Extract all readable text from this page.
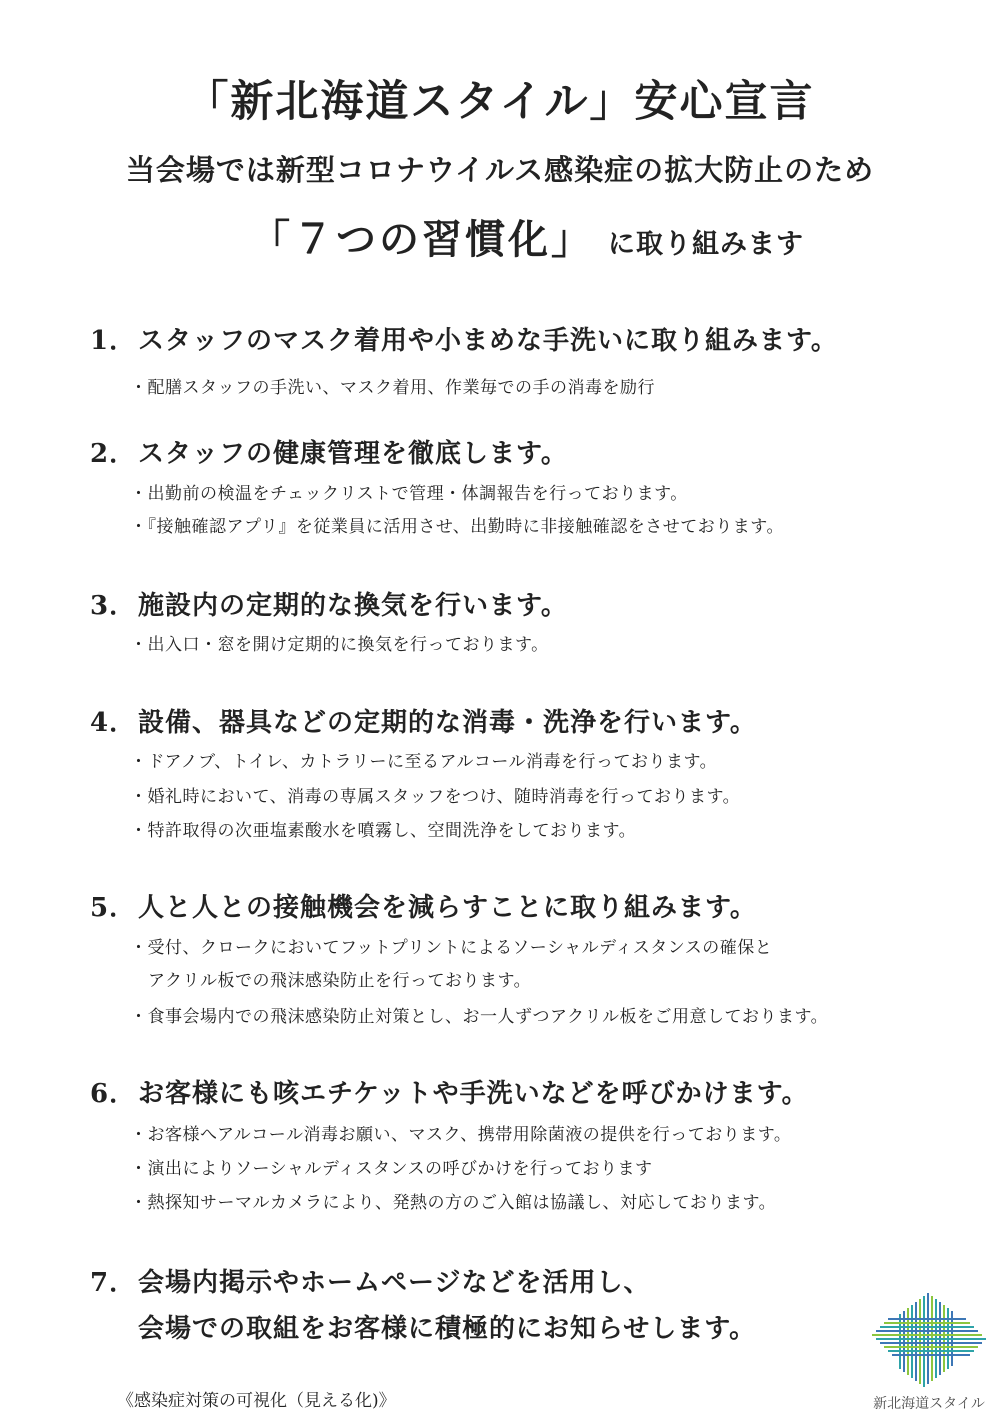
「新北海道スタイル」安心宣言
当会場では新型コロナウイルス感染症の拡大防止のため
「７つの習慣化」 に取り組みます
1．スタッフのマスク着用や小まめな手洗いに取り組みます。
・配膳スタッフの手洗い、マスク着用、作業毎での手の消毒を励行
2．スタッフの健康管理を徹底します。
・出勤前の検温をチェックリストで管理・体調報告を行っております。
・『接触確認アプリ』を従業員に活用させ、出勤時に非接触確認をさせております。
3．施設内の定期的な換気を行います。
・出入口・窓を開け定期的に換気を行っております。
4．設備、器具などの定期的な消毒・洗浄を行います。
・ドアノブ、トイレ、カトラリーに至るアルコール消毒を行っております。
・婚礼時において、消毒の専属スタッフをつけ、随時消毒を行っております。
・特許取得の次亜塩素酸水を噴霧し、空間洗浄をしております。
5．人と人との接触機会を減らすことに取り組みます。
・受付、クロークにおいてフットプリントによるソーシャルディスタンスの確保と
アクリル板での飛沫感染防止を行っております。
・食事会場内での飛沫感染防止対策とし、お一人ずつアクリル板をご用意しております。
6．お客様にも咳エチケットや手洗いなどを呼びかけます。
・お客様へアルコール消毒お願い、マスク、携帯用除菌液の提供を行っております。
・演出によりソーシャルディスタンスの呼びかけを行っております
・熱探知サーマルカメラにより、発熱の方のご入館は協議し、対応しております。
7．会場内掲示やホームページなどを活用し、
会場での取組をお客様に積極的にお知らせします。
《感染症対策の可視化（見える化)》	新北海道スタイル
